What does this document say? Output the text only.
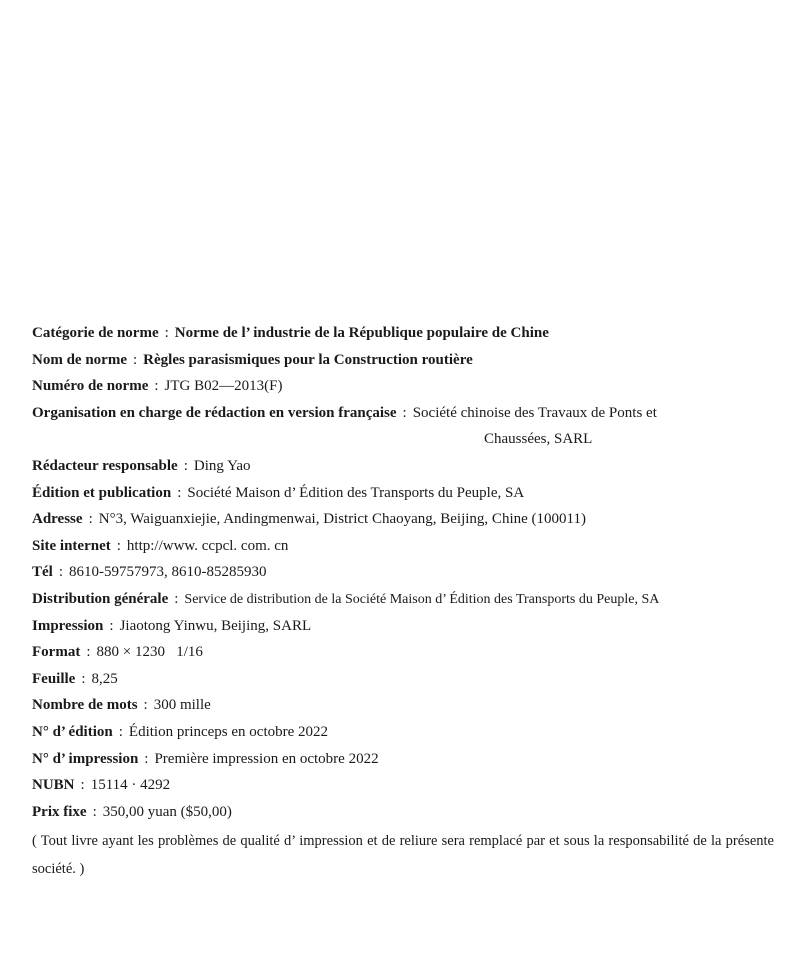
Catégorie de norme : Norme de l’ industrie de la République populaire de Chine
Nom de norme : Règles parasismiques pour la Construction routière
Numéro de norme : JTG B02—2013(F)
Organisation en charge de rédaction en version française : Société chinoise des Travaux de Ponts et
Chaussées, SARL
Rédacteur responsable : Ding Yao
Édition et publication : Société Maison d’ Édition des Transports du Peuple, SA
Adresse : N°3, Waiguanxiejie, Andingmenwai, District Chaoyang, Beijing, Chine (100011)
Site internet : http://www. ccpcl. com. cn
Tél : 8610-59757973, 8610-85285930
Distribution générale : Service de distribution de la Société Maison d’ Édition des Transports du Peuple, SA
Impression : Jiaotong Yinwu, Beijing, SARL
Format : 880 × 1230   1/16
Feuille : 8,25
Nombre de mots : 300 mille
N° d’ édition : Édition princeps en octobre 2022
N° d’ impression : Première impression en octobre 2022
NUBN : 15114 · 4292
Prix fixe : 350,00 yuan ($50,00)
( Tout livre ayant les problèmes de qualité d’ impression et de reliure sera remplacé par et sous la responsabilité de la présente société. )
